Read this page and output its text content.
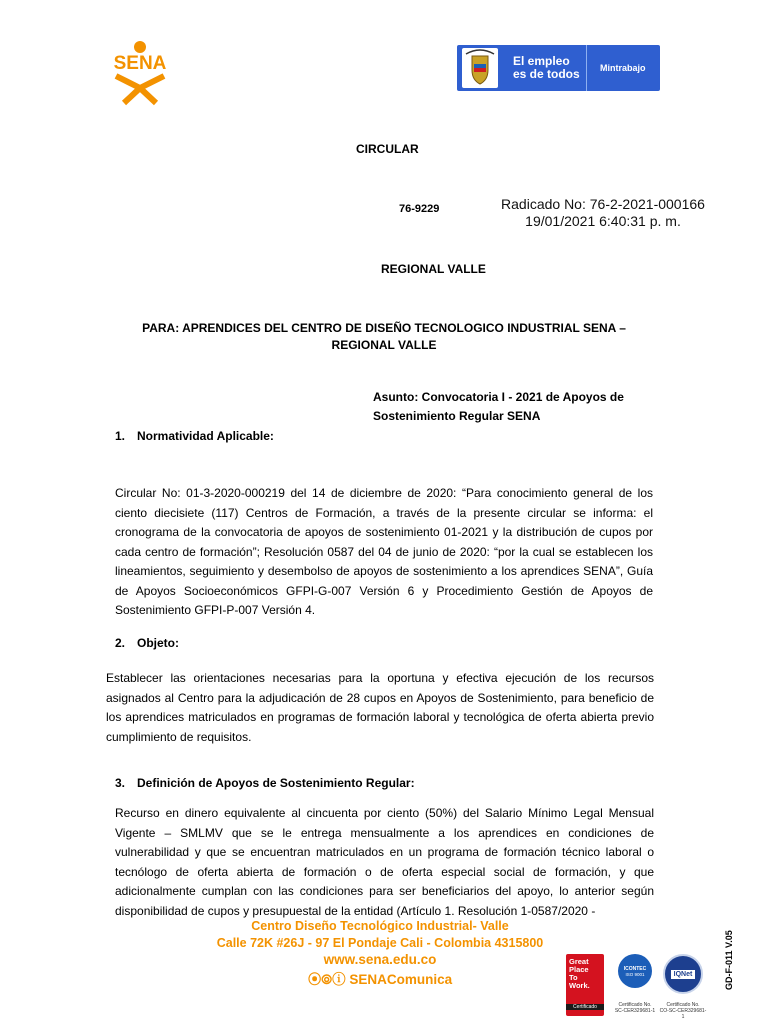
SENA	El empleo
es de todos Mintrabajo
CIRCULAR
76-9229	Radicado No: 76-2-2021-000166
19/01/2021 6:40:31 p. m.
REGIONAL VALLE
PARA: APRENDICES DEL CENTRO DE DISEÑO TECNOLOGICO INDUSTRIAL SENA – REGIONAL VALLE
Asunto: Convocatoria I - 2021 de Apoyos de Sostenimiento Regular SENA
1. Normatividad Aplicable:
Circular No: 01-3-2020-000219 del 14 de diciembre de 2020: “Para conocimiento general de los ciento diecisiete (117) Centros de Formación, a través de la presente circular se informa: el cronograma de la convocatoria de apoyos de sostenimiento 01-2021 y la distribución de cupos por cada centro de formación”; Resolución 0587 del 04 de junio de 2020: “por la cual se establecen los lineamientos, seguimiento y desembolso de apoyos de sostenimiento a los aprendices SENA”, Guía de Apoyos Socioeconómicos GFPI-G-007 Versión 6 y Procedimiento Gestión de Apoyos de Sostenimiento GFPI-P-007 Versión 4.
2. Objeto:
Establecer las orientaciones necesarias para la oportuna y efectiva ejecución de los recursos asignados al Centro para la adjudicación de 28 cupos en Apoyos de Sostenimiento, para beneficio de los aprendices matriculados en programas de formación laboral y tecnológica de oferta abierta previo cumplimiento de requisitos.
3. Definición de Apoyos de Sostenimiento Regular:
Recurso en dinero equivalente al cincuenta por ciento (50%) del Salario Mínimo Legal Mensual Vigente – SMLMV que se le entrega mensualmente a los aprendices en condiciones de vulnerabilidad y que se encuentran matriculados en un programa de formación técnico laboral o tecnólogo de oferta abierta de formación o de oferta especial social de formación, y que adicionalmente cumplan con las condiciones para ser beneficiarios del apoyo, lo anterior según disponibilidad de cupos y presupuestal de la entidad (Artículo 1. Resolución 1-0587/2020 -
Centro Diseño Tecnológico Industrial- Valle
Calle 72K #26J - 97 El Pondaje Cali - Colombia 4315800
www.sena.edu.co
⦿⦾ⓘ SENAComunica
Great
Place
To
Work.
Certificado
ICONTEC
ISO 9001
Certificado No.
SC-CER329681-1
IQNet
Certificado No.
CO-SC-CER329681-1
GD-F-011 V.05
